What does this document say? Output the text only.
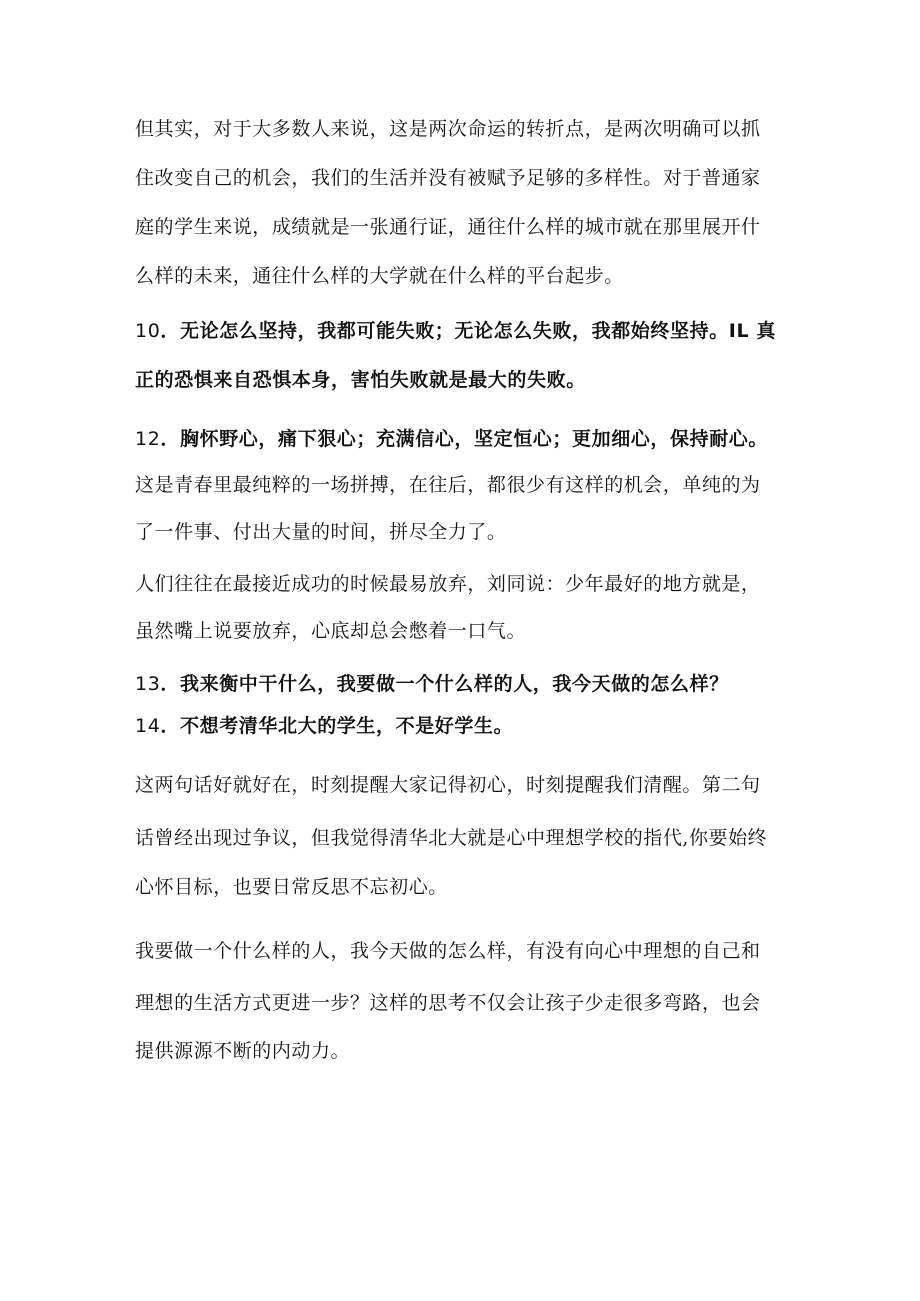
但其实，对于大多数人来说，这是两次命运的转折点，是两次明确可以抓

住改变自己的机会，我们的生活并没有被赋予足够的多样性。对于普通家

庭的学生来说，成绩就是一张通行证，通往什么样的城市就在那里展开什

么样的未来，通往什么样的大学就在什么样的平台起步。

10．无论怎么坚持，我都可能失败；无论怎么失败，我都始终坚持。IL 真

正的恐惧来自恐惧本身，害怕失败就是最大的失败。

12．胸怀野心，痛下狠心；充满信心，坚定恒心；更加细心，保持耐心。

这是青春里最纯粹的一场拼搏，在往后，都很少有这样的机会，单纯的为

了一件事、付出大量的时间，拼尽全力了。

人们往往在最接近成功的时候最易放弃，刘同说：少年最好的地方就是，

虽然嘴上说要放弃，心底却总会憋着一口气。

13．我来衡中干什么，我要做一个什么样的人，我今天做的怎么样？

14．不想考清华北大的学生，不是好学生。

这两句话好就好在，时刻提醒大家记得初心，时刻提醒我们清醒。第二句

话曾经出现过争议，但我觉得清华北大就是心中理想学校的指代,你要始终

心怀目标，也要日常反思不忘初心。

我要做一个什么样的人，我今天做的怎么样，有没有向心中理想的自己和

理想的生活方式更进一步？这样的思考不仅会让孩子少走很多弯路，也会

提供源源不断的内动力。
